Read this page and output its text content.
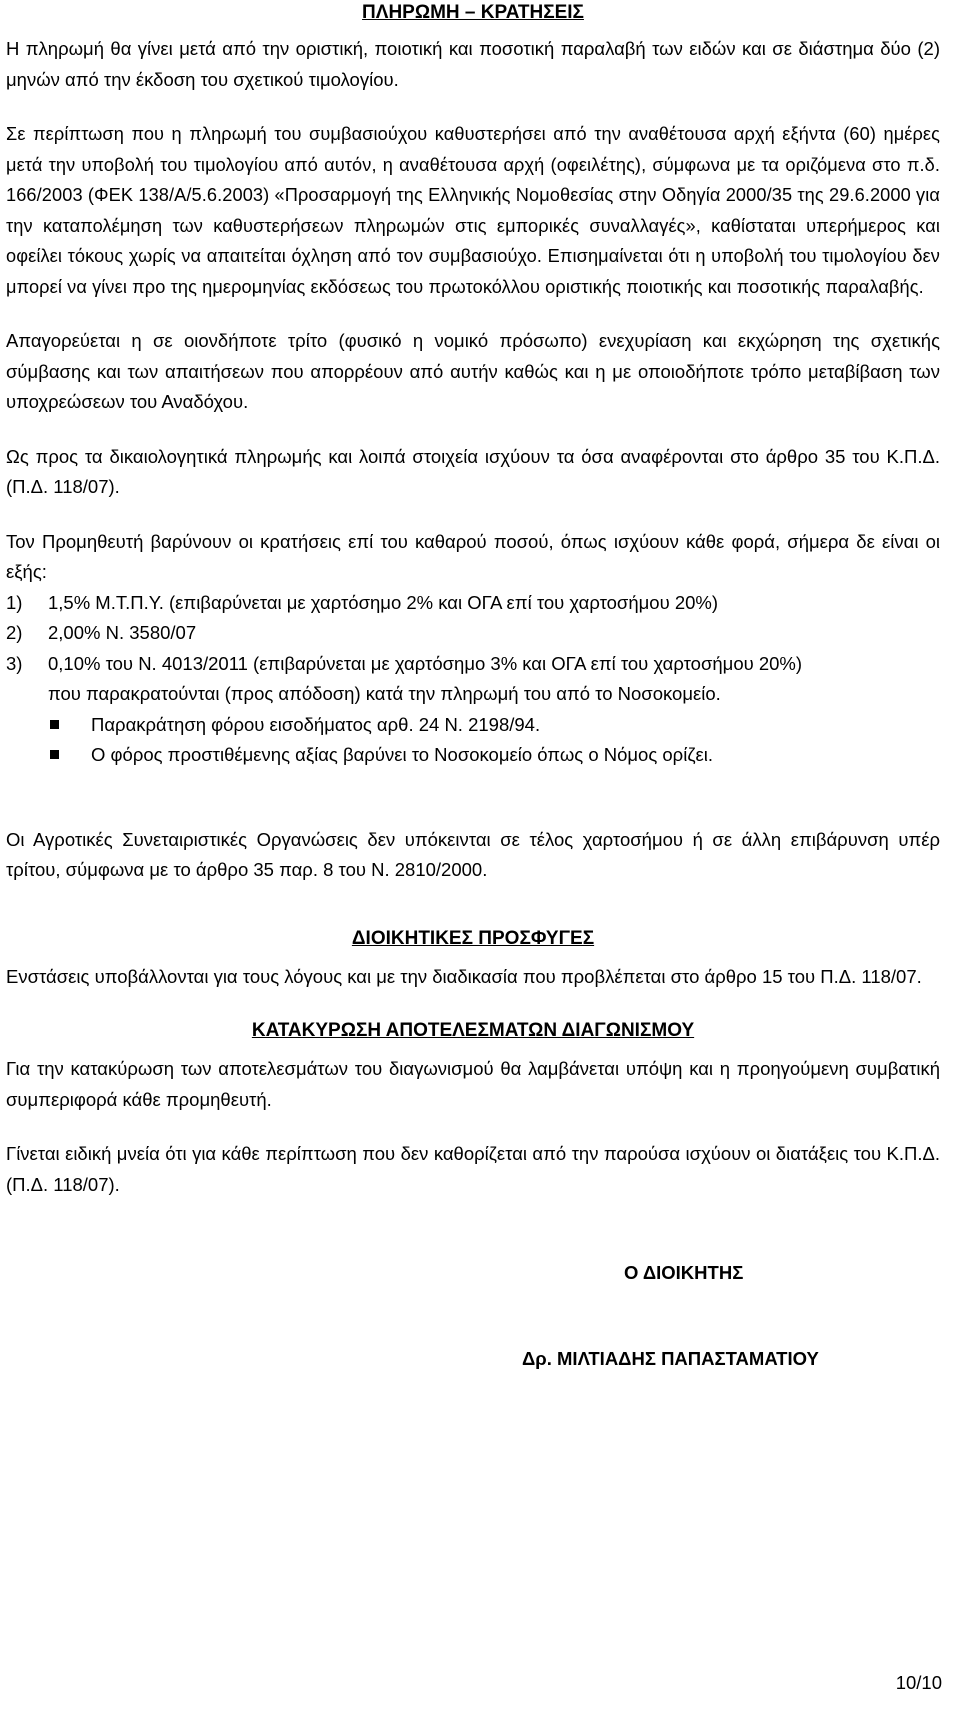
ΠΛΗΡΩΜΗ – ΚΡΑΤΗΣΕΙΣ

Η πληρωμή θα γίνει μετά από την οριστική, ποιοτική και ποσοτική παραλαβή των ειδών και σε διάστημα δύο (2) μηνών από την έκδοση του σχετικού τιμολογίου.

Σε περίπτωση που η πληρωμή του συμβασιούχου καθυστερήσει από την αναθέτουσα αρχή εξήντα (60) ημέρες μετά την υποβολή του τιμολογίου από αυτόν, η αναθέτουσα αρχή (οφειλέτης), σύμφωνα με τα οριζόμενα στο π.δ. 166/2003 (ΦΕΚ 138/Α/5.6.2003) «Προσαρμογή της Ελληνικής Νομοθεσίας στην Οδηγία 2000/35 της 29.6.2000 για την καταπολέμηση των καθυστερήσεων πληρωμών στις εμπορικές συναλλαγές», καθίσταται υπερήμερος και οφείλει τόκους χωρίς να απαιτείται όχληση από τον συμβασιούχο. Επισημαίνεται ότι η υποβολή του τιμολογίου δεν μπορεί να γίνει προ της ημερομηνίας εκδόσεως του πρωτοκόλλου οριστικής ποιοτικής και ποσοτικής παραλαβής.

Απαγορεύεται η σε οιονδήποτε τρίτο (φυσικό η νομικό πρόσωπο) ενεχυρίαση και εκχώρηση της σχετικής σύμβασης και των απαιτήσεων που απορρέουν από αυτήν καθώς και η με οποιοδήποτε τρόπο μεταβίβαση των υποχρεώσεων του Αναδόχου.

Ως προς τα δικαιολογητικά πληρωμής και λοιπά στοιχεία ισχύουν τα όσα αναφέρονται στο άρθρο 35 του Κ.Π.Δ. (Π.Δ. 118/07).

Τον Προμηθευτή βαρύνουν οι κρατήσεις επί του καθαρού ποσού, όπως ισχύουν κάθε φορά, σήμερα δε είναι οι εξής:

1) 1,5% Μ.Τ.Π.Υ. (επιβαρύνεται με χαρτόσημο 2% και ΟΓΑ επί του χαρτοσήμου 20%)
2) 2,00% Ν. 3580/07
3) 0,10% του Ν. 4013/2011 (επιβαρύνεται με χαρτόσημο 3% και ΟΓΑ επί του χαρτοσήμου 20%)

που παρακρατούνται (προς απόδοση) κατά την πληρωμή του από το Νοσοκομείο.

Παρακράτηση φόρου εισοδήματος αρθ. 24 Ν. 2198/94.
Ο φόρος προστιθέμενης αξίας βαρύνει το Νοσοκομείο όπως ο Νόμος ορίζει.

Οι Αγροτικές Συνεταιριστικές Οργανώσεις δεν υπόκεινται σε τέλος χαρτοσήμου ή σε άλλη επιβάρυνση υπέρ τρίτου, σύμφωνα με το άρθρο 35 παρ. 8 του Ν. 2810/2000.

ΔΙΟΙΚΗΤΙΚΕΣ ΠΡΟΣΦΥΓΕΣ

Ενστάσεις υποβάλλονται για τους λόγους και με την διαδικασία που προβλέπεται στο άρθρο 15 του Π.Δ. 118/07.

ΚΑΤΑΚΥΡΩΣΗ ΑΠΟΤΕΛΕΣΜΑΤΩΝ ΔΙΑΓΩΝΙΣΜΟΥ

Για την κατακύρωση των αποτελεσμάτων του διαγωνισμού θα λαμβάνεται υπόψη και η προηγούμενη συμβατική συμπεριφορά κάθε προμηθευτή.

Γίνεται ειδική μνεία ότι για κάθε περίπτωση που δεν καθορίζεται από την παρούσα ισχύουν οι διατάξεις του Κ.Π.Δ. (Π.Δ. 118/07).

Ο ΔΙΟΙΚΗΤΗΣ

Δρ. ΜΙΛΤΙΑΔΗΣ ΠΑΠΑΣΤΑΜΑΤΙΟΥ

10/10
